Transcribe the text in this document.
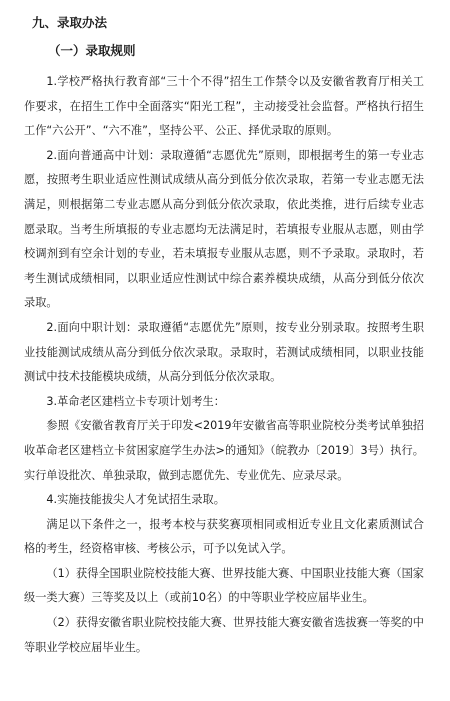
九、录取办法
（一）录取规则

1.学校严格执行教育部“三十个不得”招生工作禁令以及安徽省教育厅相关工作要求，在招生工作中全面落实“阳光工程”，主动接受社会监督。严格执行招生工作“六公开”、“六不准”，坚持公平、公正、择优录取的原则。

2.面向普通高中计划：录取遵循“志愿优先”原则，即根据考生的第一专业志愿，按照考生职业适应性测试成绩从高分到低分依次录取，若第一专业志愿无法满足，则根据第二专业志愿从高分到低分依次录取，依此类推，进行后续专业志愿录取。当考生所填报的专业志愿均无法满足时，若填报专业服从志愿，则由学校调剂到有空余计划的专业，若未填报专业服从志愿，则不予录取。录取时，若考生测试成绩相同，以职业适应性测试中综合素养模块成绩，从高分到低分依次录取。

2.面向中职计划：录取遵循“志愿优先”原则，按专业分别录取。按照考生职业技能测试成绩从高分到低分依次录取。录取时，若测试成绩相同，以职业技能测试中技术技能模块成绩，从高分到低分依次录取。

3.革命老区建档立卡专项计划考生：

参照《安徽省教育厅关于印发<2019年安徽省高等职业院校分类考试单独招收革命老区建档立卡贫困家庭学生办法>的通知》（皖教办〔2019〕3号）执行。实行单设批次、单独录取，做到志愿优先、专业优先、应录尽录。

4.实施技能拔尖人才免试招生录取。

满足以下条件之一，报考本校与获奖赛项相同或相近专业且文化素质测试合格的考生，经资格审核、考核公示，可予以免试入学。

（1）获得全国职业院校技能大赛、世界技能大赛、中国职业技能大赛（国家级一类大赛）三等奖及以上（或前10名）的中等职业学校应届毕业生。

（2）获得安徽省职业院校技能大赛、世界技能大赛安徽省选拔赛一等奖的中等职业学校应届毕业生。
